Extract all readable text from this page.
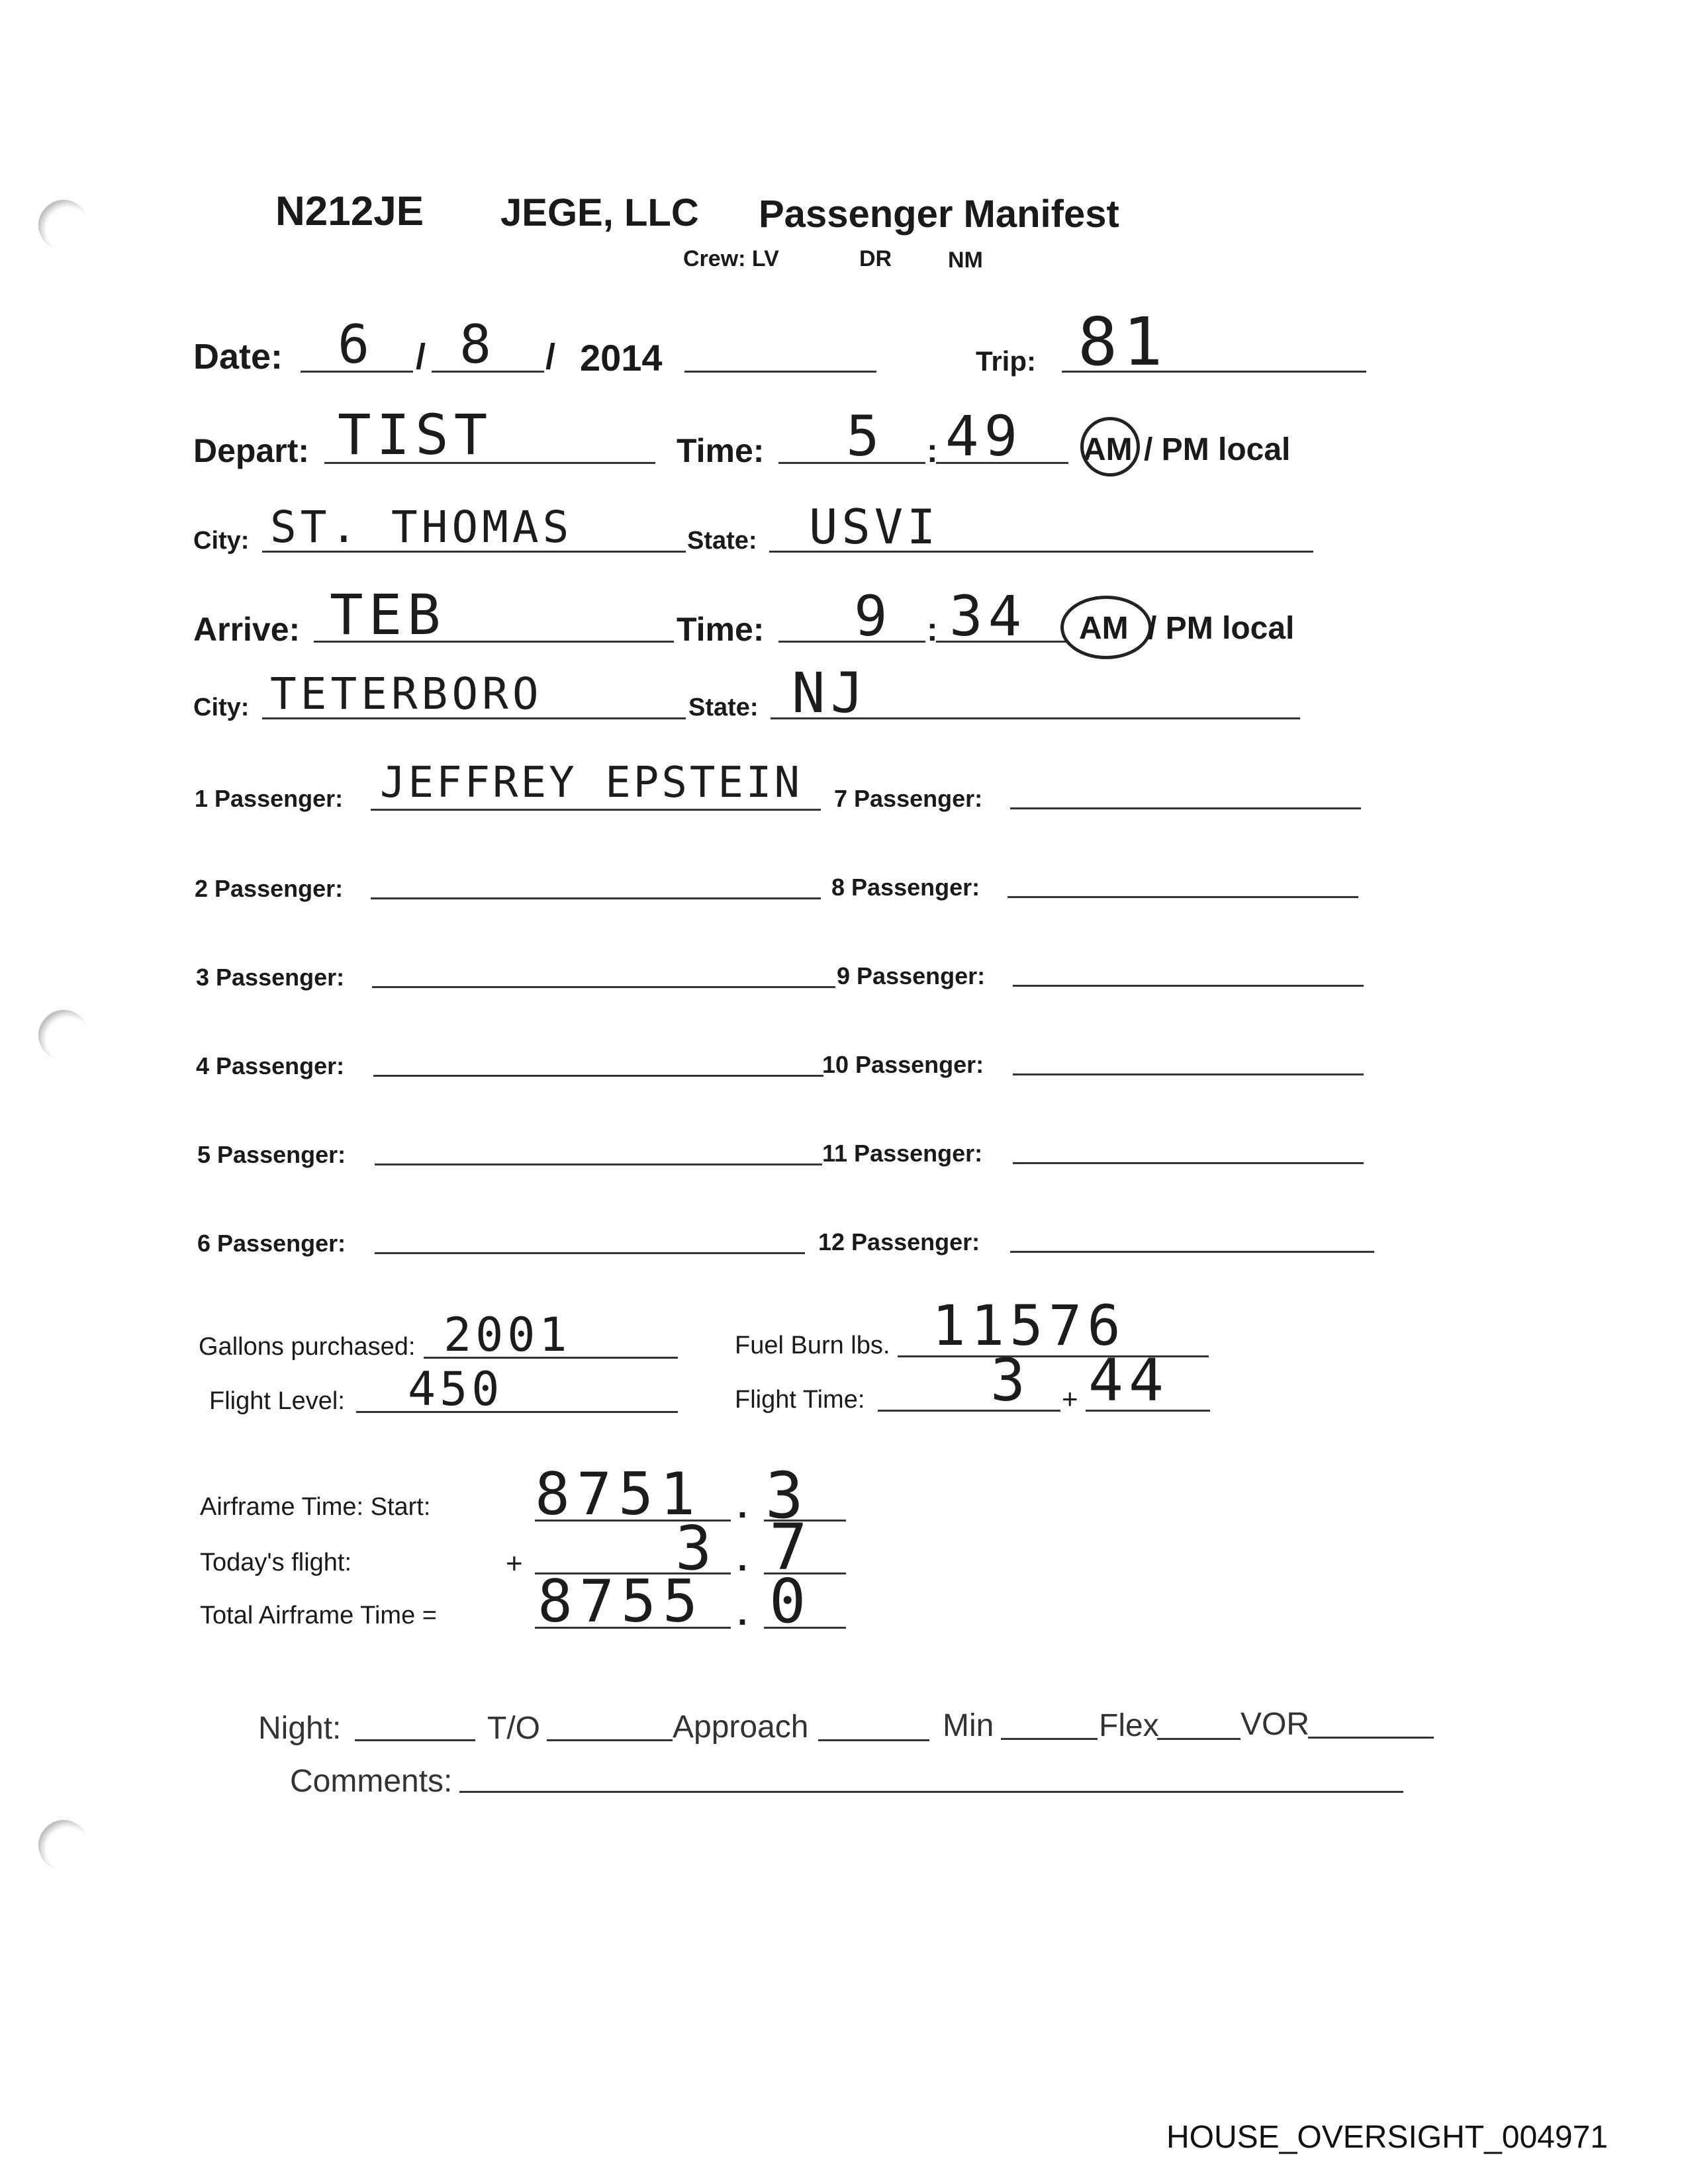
N212JE JEGE, LLC Passenger Manifest
Crew: LV	DR NM
Date: 6 / 8 / 2014	Trip: 81
Depart: TIST	Time: 5 : 49 AM / PM local
City: ST. THOMAS	State: USVI
Arrive: TEB	Time: 9 : 34 AM / PM local
City: TETERBORO	State: NJ
1 Passenger: JEFFREY EPSTEIN
2 Passenger:
3 Passenger:
4 Passenger:
5 Passenger:
6 Passenger:
7 Passenger:
8 Passenger:
9 Passenger:
10 Passenger:
11 Passenger:
12 Passenger:
Gallons purchased: 2001	Fuel Burn lbs. 11576
Flight Level: 450	Flight Time: 3 + 44
Airframe Time: Start: 8751 . 3
Today's flight:	+	3 . 7
Total Airframe Time = 8755 . 0
Night:	T/O	Approach	Min	Flex	VOR
Comments:
HOUSE_OVERSIGHT_004971
